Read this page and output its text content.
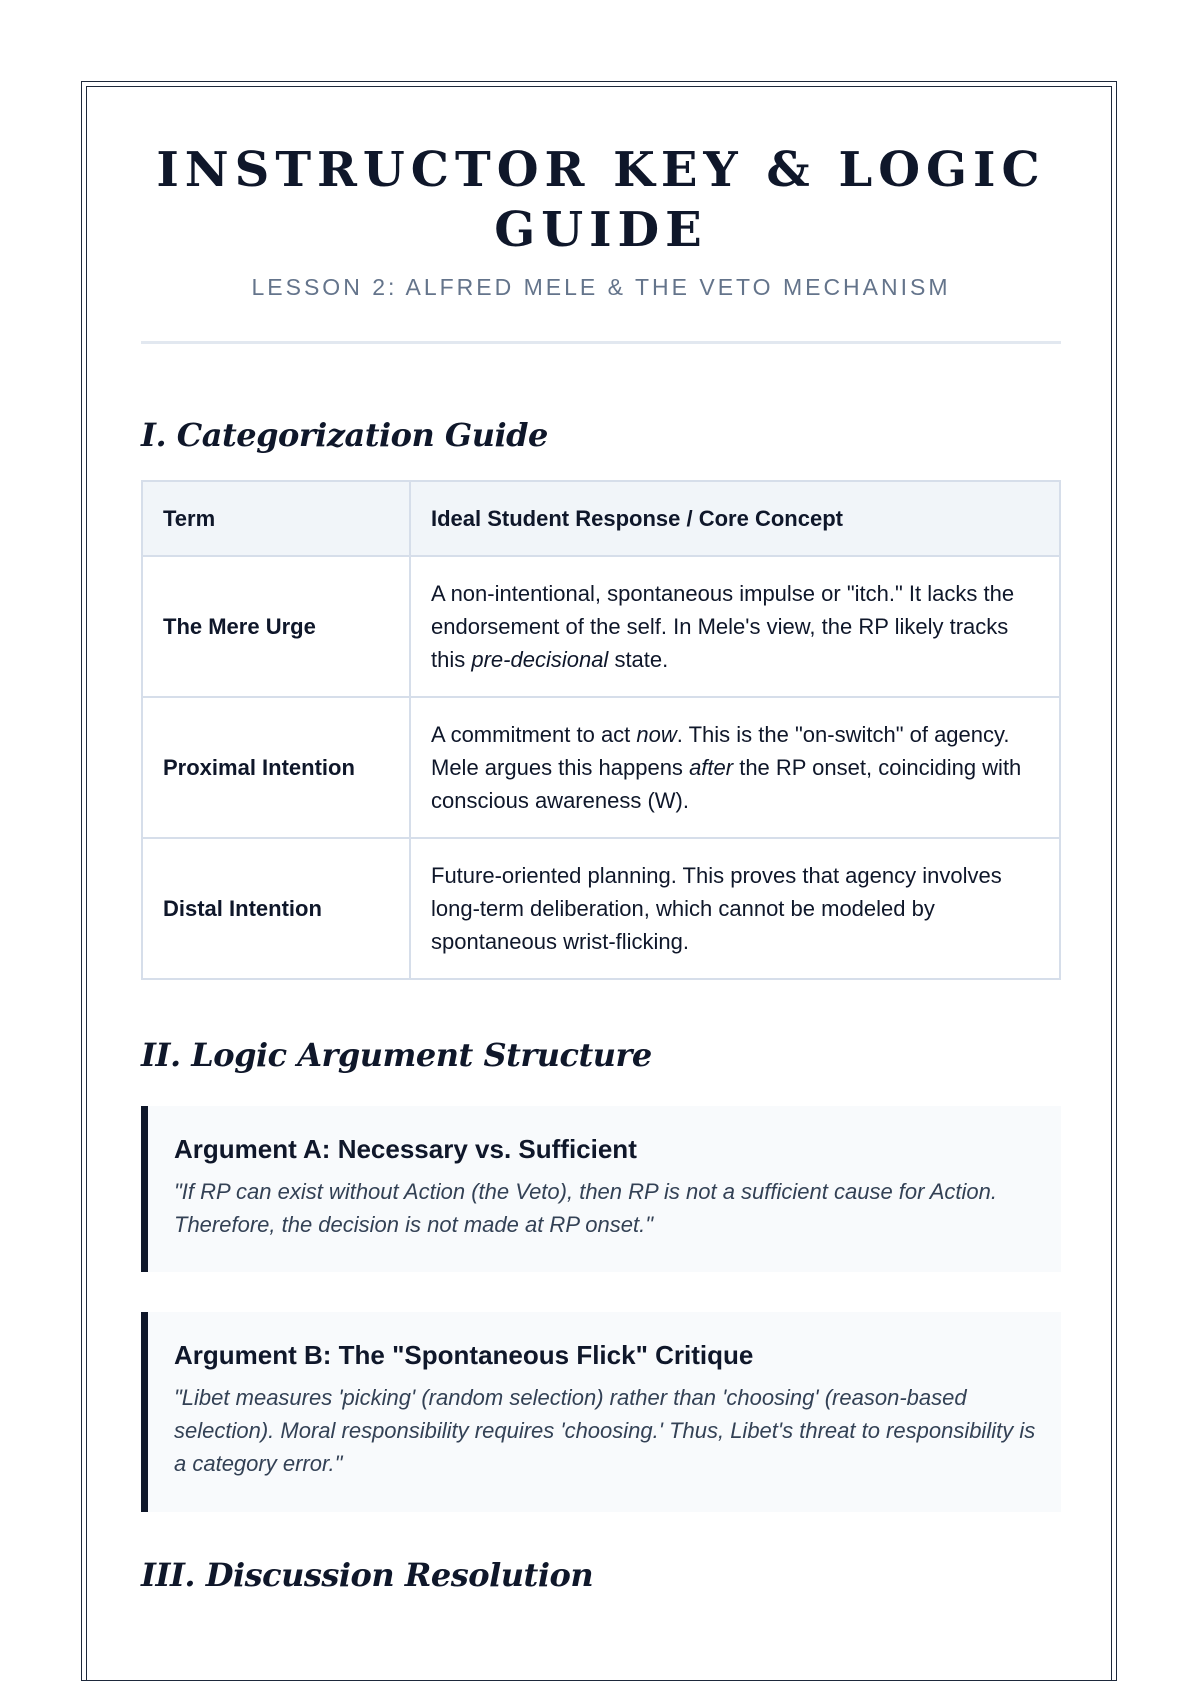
INSTRUCTOR KEY & LOGIC GUIDE
LESSON 2: ALFRED MELE & THE VETO MECHANISM
I. Categorization Guide
Term	Ideal Student Response / Core Concept
The Mere Urge	A non-intentional, spontaneous impulse or "itch." It lacks the endorsement of the self. In Mele's view, the RP likely tracks this pre-decisional state.
Proximal Intention	A commitment to act now. This is the "on-switch" of agency. Mele argues this happens after the RP onset, coinciding with conscious awareness (W).
Distal Intention	Future-oriented planning. This proves that agency involves long-term deliberation, which cannot be modeled by spontaneous wrist-flicking.
II. Logic Argument Structure
Argument A: Necessary vs. Sufficient
"If RP can exist without Action (the Veto), then RP is not a sufficient cause for Action. Therefore, the decision is not made at RP onset."
Argument B: The "Spontaneous Flick" Critique
"Libet measures 'picking' (random selection) rather than 'choosing' (reason-based selection). Moral responsibility requires 'choosing.' Thus, Libet's threat to responsibility is a category error."
III. Discussion Resolution
